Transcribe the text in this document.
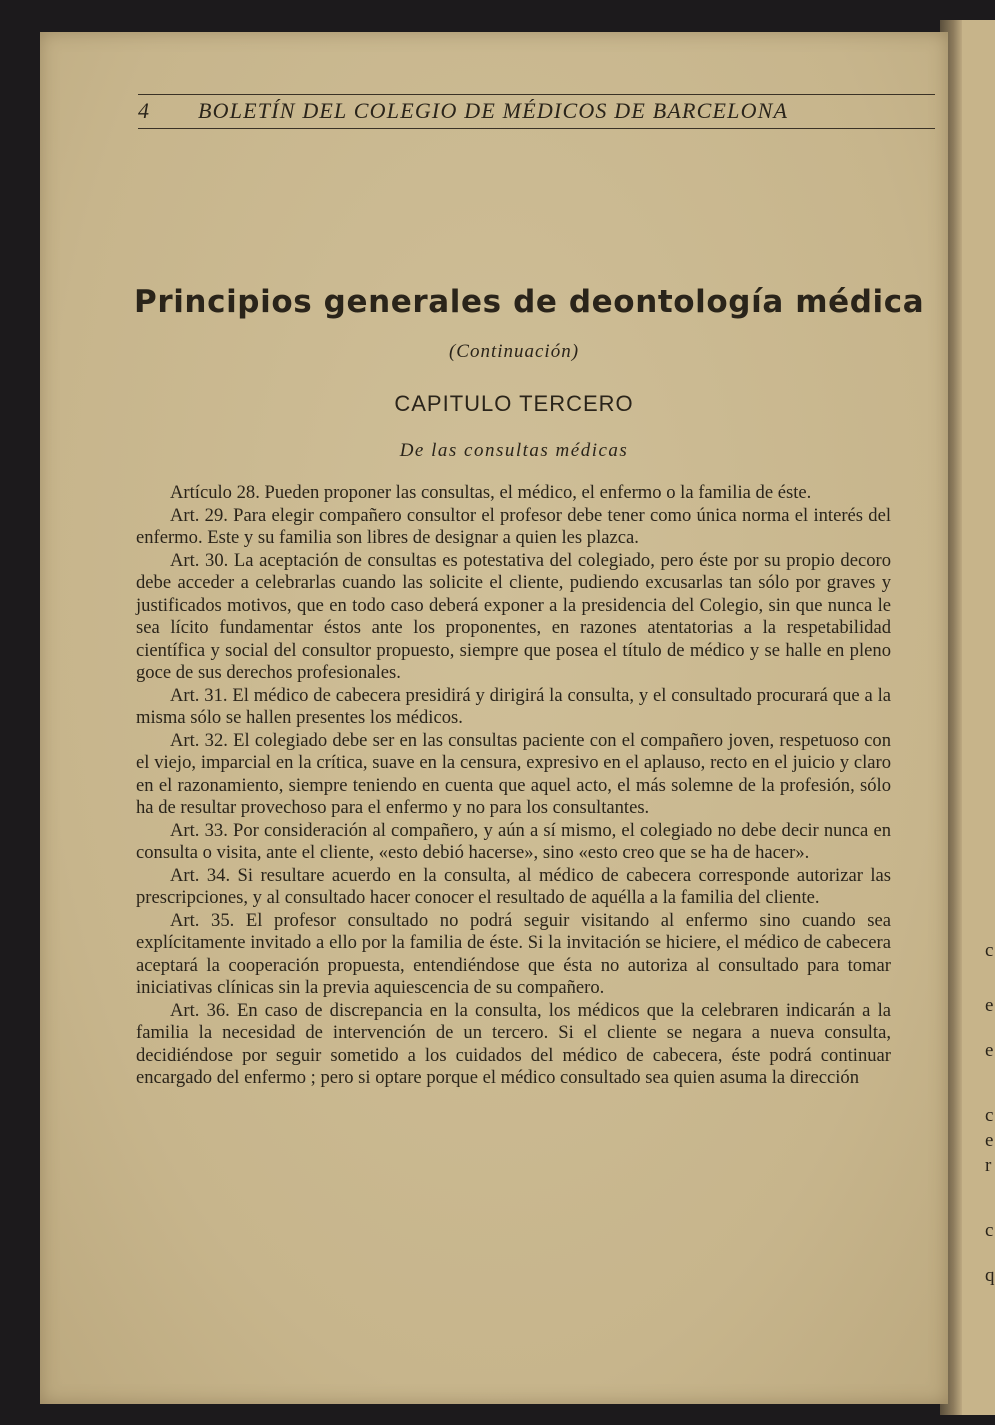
c
e
e
c
e
r
c
q
4 BOLETÍN DEL COLEGIO DE MÉDICOS DE BARCELONA
Principios generales de deontología médica
(Continuación)
CAPITULO TERCERO
De las consultas médicas

Artículo 28. Pueden proponer las consultas, el médico, el enfermo o la familia de éste.

Art. 29. Para elegir compañero consultor el profesor debe tener como única norma el interés del enfermo. Este y su familia son libres de designar a quien les plazca.

Art. 30. La aceptación de consultas es potestativa del colegiado, pero éste por su propio decoro debe acceder a celebrarlas cuando las solicite el cliente, pudiendo excusarlas tan sólo por graves y justificados motivos, que en todo caso deberá exponer a la presidencia del Colegio, sin que nunca le sea lícito fundamentar éstos ante los proponentes, en razones atentatorias a la respetabilidad científica y social del consultor propuesto, siempre que posea el título de médico y se halle en pleno goce de sus derechos profesionales.

Art. 31. El médico de cabecera presidirá y dirigirá la consulta, y el consultado procurará que a la misma sólo se hallen presentes los médicos.

Art. 32. El colegiado debe ser en las consultas paciente con el compañero joven, respetuoso con el viejo, imparcial en la crítica, suave en la censura, expresivo en el aplauso, recto en el juicio y claro en el razonamiento, siempre teniendo en cuenta que aquel acto, el más solemne de la profesión, sólo ha de resultar provechoso para el enfermo y no para los consultantes.

Art. 33. Por consideración al compañero, y aún a sí mismo, el colegiado no debe decir nunca en consulta o visita, ante el cliente, «esto debió hacerse», sino «esto creo que se ha de hacer».

Art. 34. Si resultare acuerdo en la consulta, al médico de cabecera corresponde autorizar las prescripciones, y al consultado hacer conocer el resultado de aquélla a la familia del cliente.

Art. 35. El profesor consultado no podrá seguir visitando al enfermo sino cuando sea explícitamente invitado a ello por la familia de éste. Si la invitación se hiciere, el médico de cabecera aceptará la cooperación propuesta, entendiéndose que ésta no autoriza al consultado para tomar iniciativas clínicas sin la previa aquiescencia de su compañero.

Art. 36. En caso de discrepancia en la consulta, los médicos que la celebraren indicarán a la familia la necesidad de intervención de un tercero. Si el cliente se negara a nueva consulta, decidiéndose por seguir sometido a los cuidados del médico de cabecera, éste podrá continuar encargado del enfermo ; pero si optare porque el médico consultado sea quien asuma la dirección
